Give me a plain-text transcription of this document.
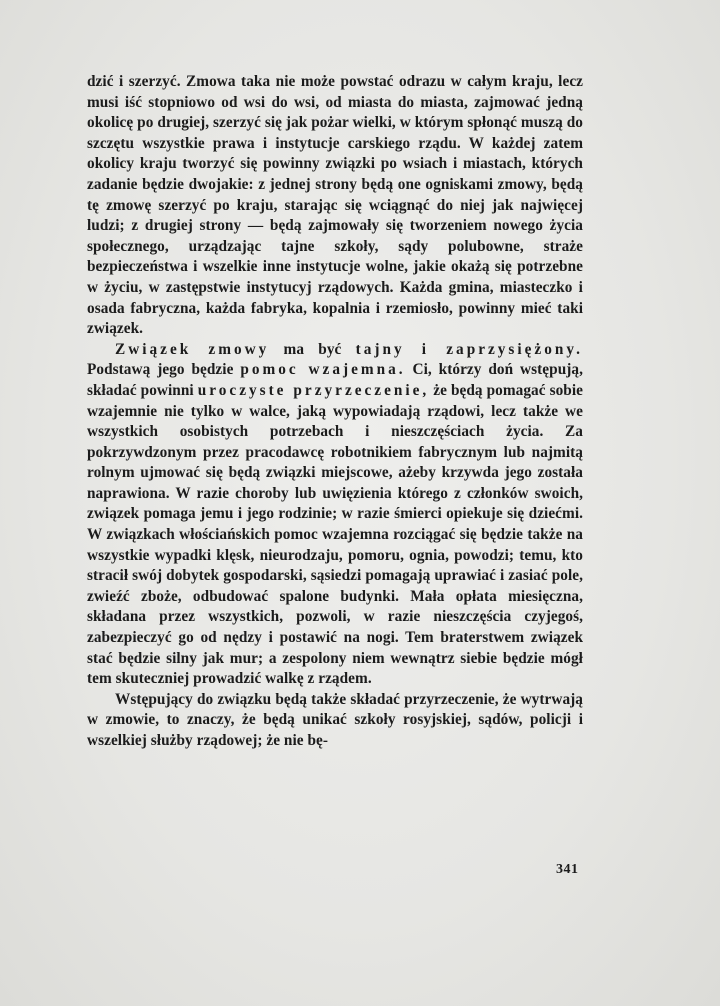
dzić i szerzyć. Zmowa taka nie może powstać odrazu w całym kraju, lecz musi iść stopniowo od wsi do wsi, od miasta do miasta, zajmować jedną okolicę po drugiej, szerzyć się jak pożar wielki, w którym spłonąć muszą do szczętu wszystkie prawa i instytucje carskiego rządu. W każdej zatem okolicy kraju tworzyć się powinny związki po wsiach i miastach, których zadanie będzie dwojakie: z jednej strony będą one ogniskami zmowy, będą tę zmowę szerzyć po kraju, starając się wciągnąć do niej jak najwięcej ludzi; z drugiej strony — będą zajmowały się tworzeniem nowego życia społecznego, urządzając tajne szkoły, sądy polubowne, straże bezpieczeństwa i wszelkie inne instytucje wolne, jakie okażą się potrzebne w życiu, w zastępstwie instytucyj rządowych. Każda gmina, miasteczko i osada fabryczna, każda fabryka, kopalnia i rzemiosło, powinny mieć taki związek.

Związek zmowy ma być tajny i zaprzysiężony. Podstawą jego będzie pomoc wzajemna. Ci, którzy doń wstępują, składać powinni uroczyste przyrzeczenie, że będą pomagać sobie wzajemnie nie tylko w walce, jaką wypowiadają rządowi, lecz także we wszystkich osobistych potrzebach i nieszczęściach życia. Za pokrzywdzonym przez pracodawcę robotnikiem fabrycznym lub najmitą rolnym ujmować się będą związki miejscowe, ażeby krzywda jego została naprawiona. W razie choroby lub uwięzienia którego z członków swoich, związek pomaga jemu i jego rodzinie; w razie śmierci opiekuje się dziećmi. W związkach włościańskich pomoc wzajemna rozciągać się będzie także na wszystkie wypadki klęsk, nieurodzaju, pomoru, ognia, powodzi; temu, kto stracił swój dobytek gospodarski, sąsiedzi pomagają uprawiać i zasiać pole, zwieźć zboże, odbudować spalone budynki. Mała opłata miesięczna, składana przez wszystkich, pozwoli, w razie nieszczęścia czyjegoś, zabezpieczyć go od nędzy i postawić na nogi. Tem braterstwem związek stać będzie silny jak mur; a zespolony niem wewnątrz siebie będzie mógł tem skuteczniej prowadzić walkę z rządem.

Wstępujący do związku będą także składać przyrzeczenie, że wytrwają w zmowie, to znaczy, że będą unikać szkoły rosyjskiej, sądów, policji i wszelkiej służby rządowej; że nie bę-

341
